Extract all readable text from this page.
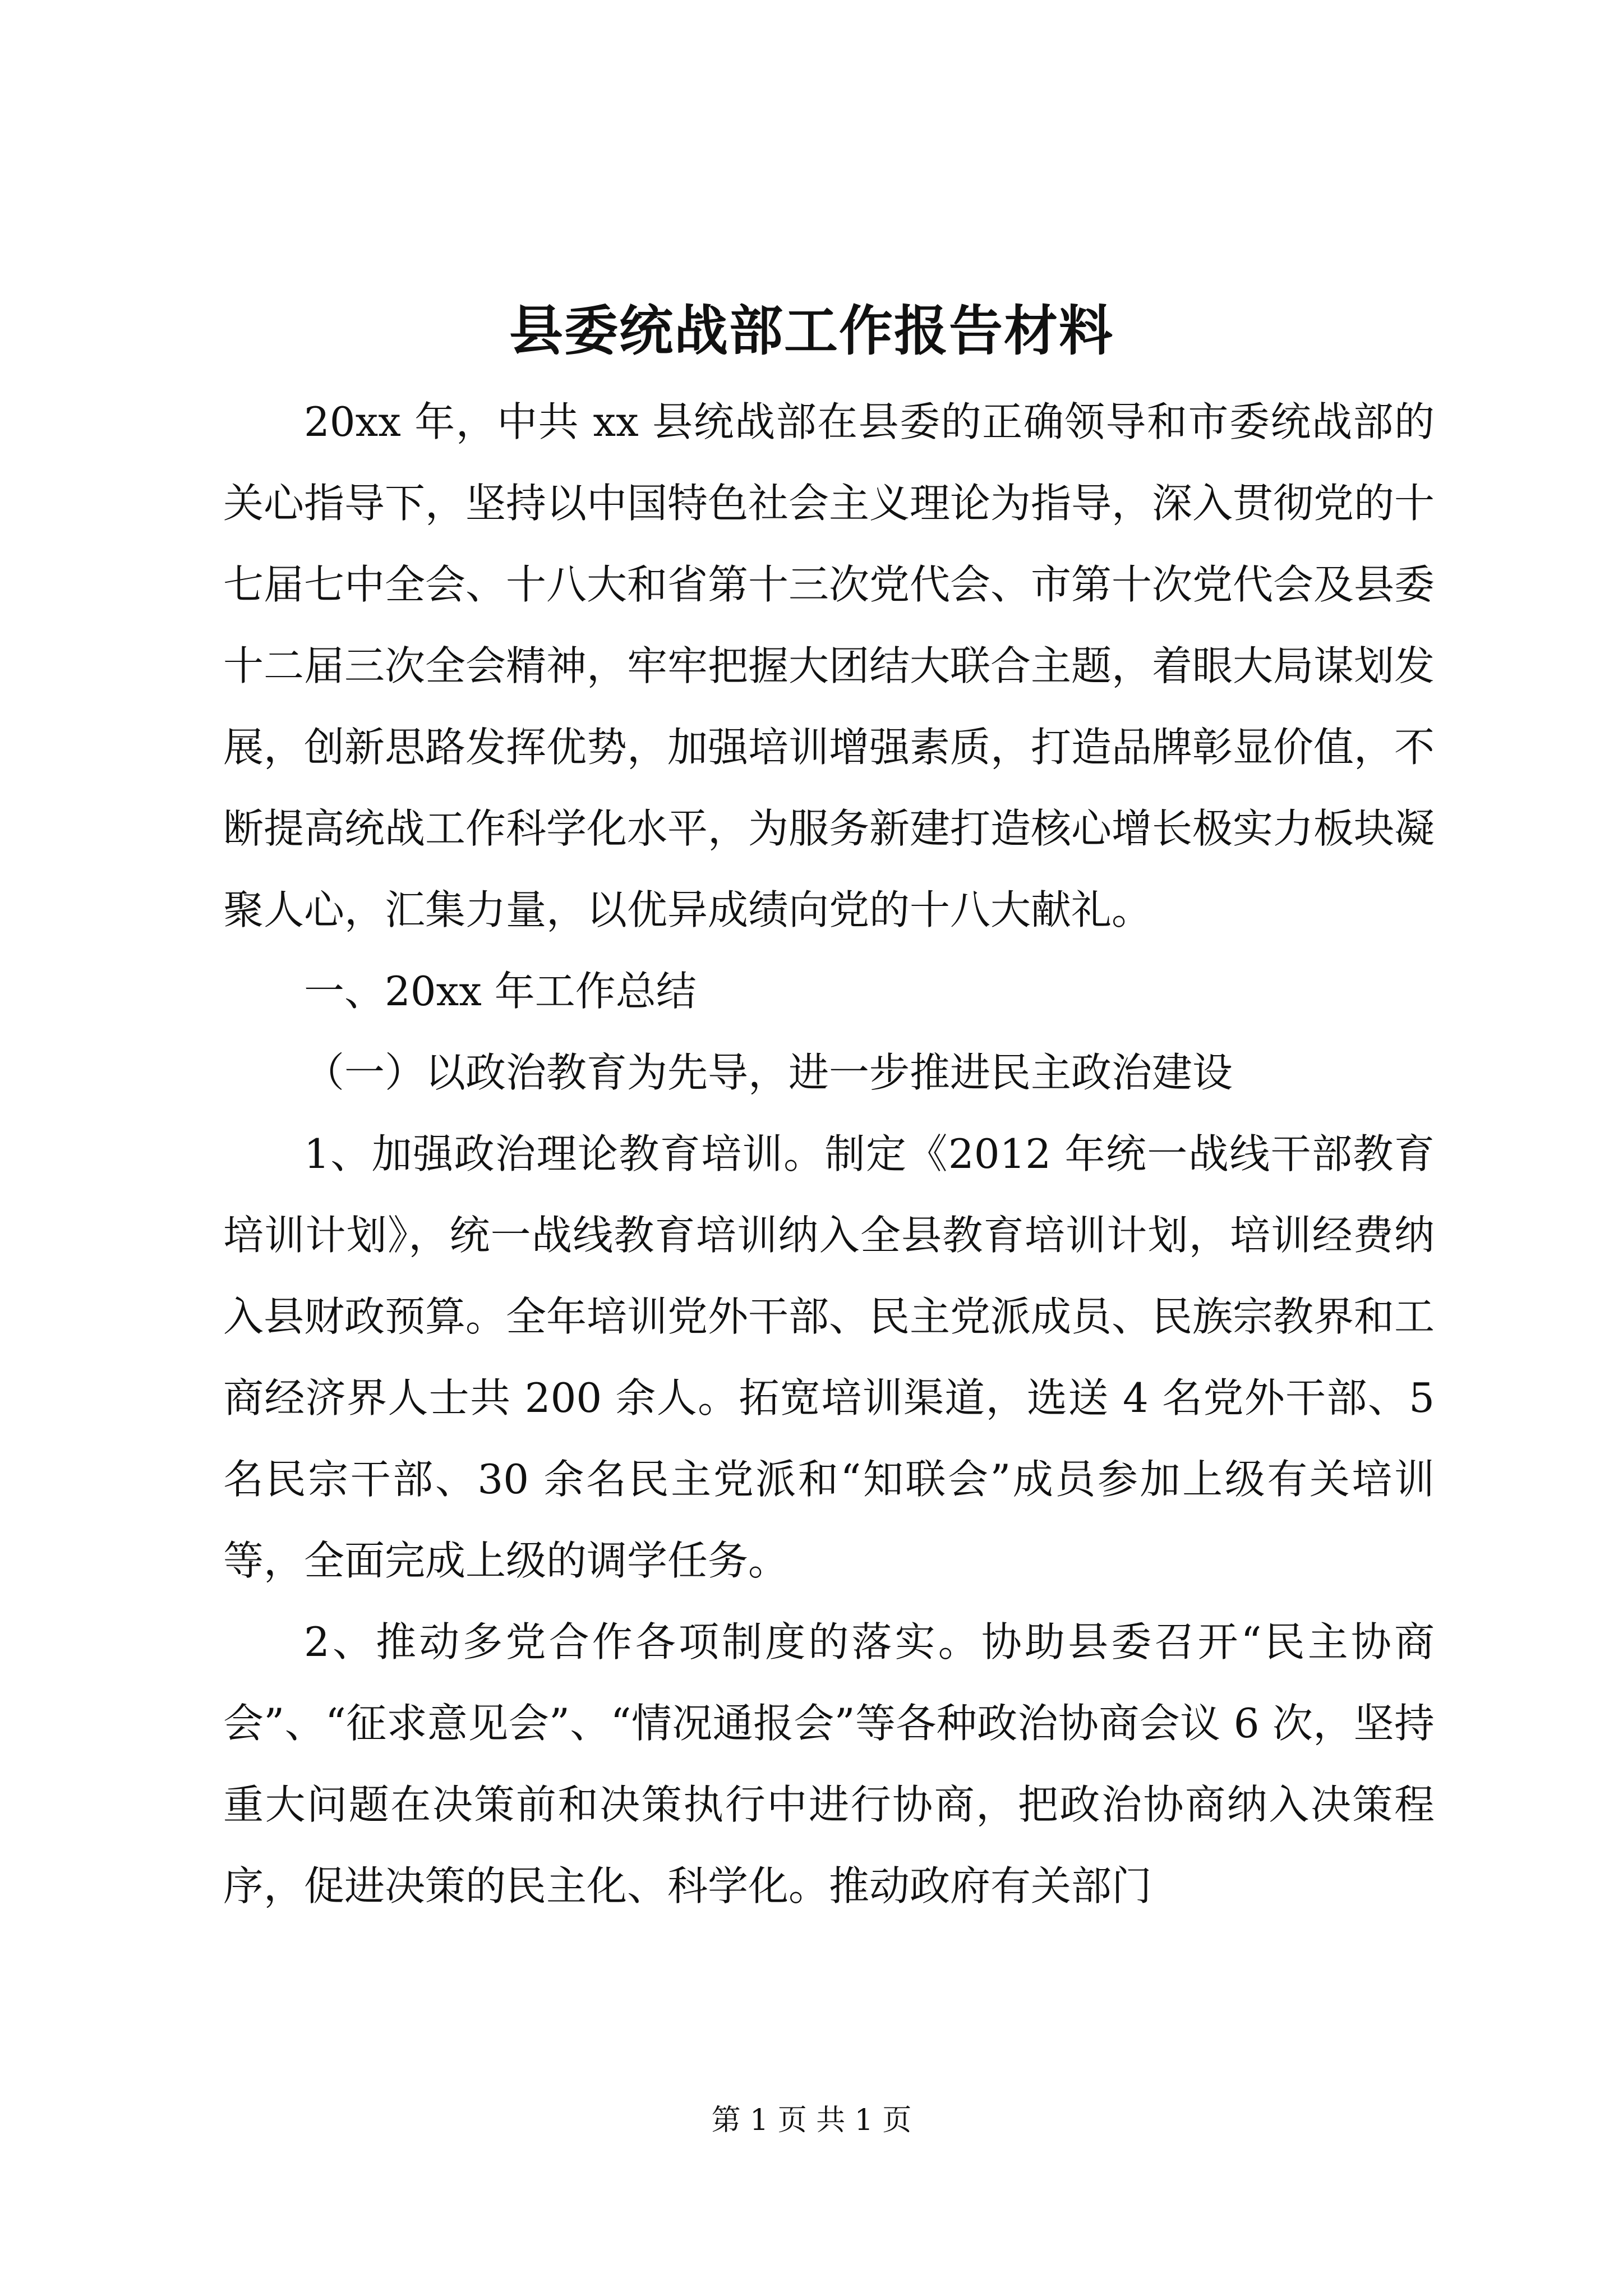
县委统战部工作报告材料

20xx 年，中共 xx 县统战部在县委的正确领导和市委统战部的关心指导下，坚持以中国特色社会主义理论为指导，深入贯彻党的十七届七中全会、十八大和省第十三次党代会、市第十次党代会及县委十二届三次全会精神，牢牢把握大团结大联合主题，着眼大局谋划发展，创新思路发挥优势，加强培训增强素质，打造品牌彰显价值，不断提高统战工作科学化水平，为服务新建打造核心增长极实力板块凝聚人心，汇集力量，以优异成绩向党的十八大献礼。

一、20xx 年工作总结

（一）以政治教育为先导，进一步推进民主政治建设

1、加强政治理论教育培训。制定《2012 年统一战线干部教育培训计划》，统一战线教育培训纳入全县教育培训计划，培训经费纳入县财政预算。全年培训党外干部、民主党派成员、民族宗教界和工商经济界人士共 200 余人。拓宽培训渠道，选送 4 名党外干部、5 名民宗干部、30 余名民主党派和“知联会”成员参加上级有关培训等，全面完成上级的调学任务。

2、推动多党合作各项制度的落实。协助县委召开“民主协商会”、“征求意见会”、“情况通报会”等各种政治协商会议 6 次，坚持重大问题在决策前和决策执行中进行协商，把政治协商纳入决策程序，促进决策的民主化、科学化。推动政府有关部门

第 1 页 共 1 页
